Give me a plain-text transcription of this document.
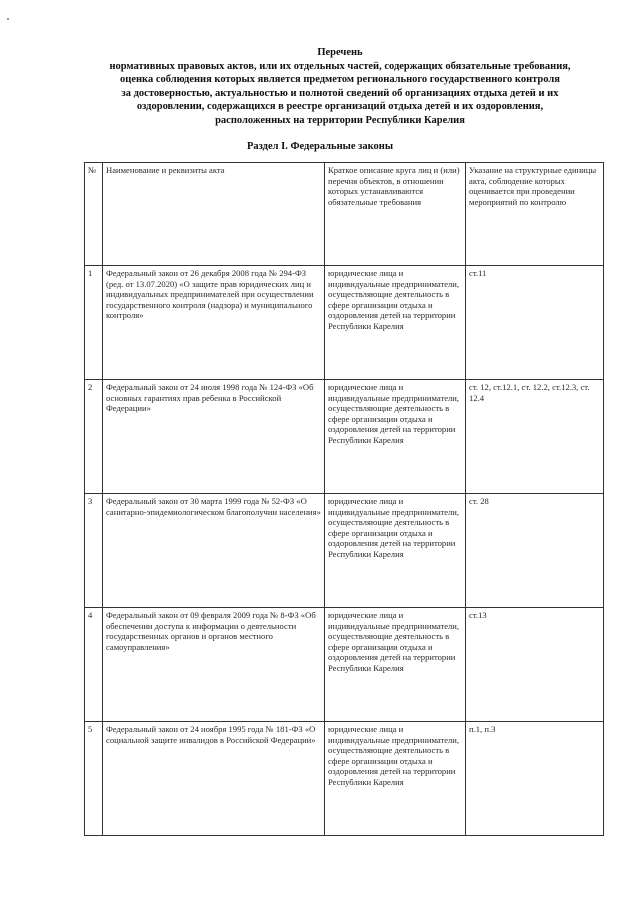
Перечень
нормативных правовых актов, или их отдельных частей, содержащих обязательные требования,
оценка соблюдения которых является предметом регионального государственного контроля
за достоверностью, актуальностью и полнотой сведений об организациях отдыха детей и их
оздоровлении, содержащихся в реестре организаций отдыха детей и их оздоровления,
расположенных на территории Республики Карелия
Раздел I. Федеральные законы
№	Наименование и реквизиты акта	Краткое описание круга лиц и (или) перечня объектов, в отношении которых устанавливаются обязательные требования	Указание на структурные единицы акта, соблюдение которых оценивается при проведении мероприятий по контролю
1	Федеральный закон от 26 декабря 2008 года № 294-ФЗ (ред. от 13.07.2020) «О защите прав юридических лиц и индивидуальных предпринимателей при осуществлении государственного контроля (надзора) и муниципального контроля»	юридические лица и индивидуальные предприниматели, осуществляющие деятельность в сфере организации отдыха и оздоровления детей на территории Республики Карелия	ст.11
2	Федеральный закон от 24 июля 1998 года № 124-ФЗ «Об основных гарантиях прав ребенка в Российской Федерации»	юридические лица и индивидуальные предприниматели, осуществляющие деятельность в сфере организации отдыха и оздоровления детей на территории Республики Карелия	ст. 12, ст.12.1, ст. 12.2, ст.12.3, ст. 12.4
3	Федеральный закон от 30 марта 1999 года № 52-ФЗ «О санитарно-эпидемиологическом благополучии населения»	юридические лица и индивидуальные предприниматели, осуществляющие деятельность в сфере организации отдыха и оздоровления детей на территории Республики Карелия	ст. 28
4	Федеральный закон от 09 февраля 2009 года № 8-ФЗ «Об обеспечении доступа к информации о деятельности государственных органов и органов местного самоуправления»	юридические лица и индивидуальные предприниматели, осуществляющие деятельность в сфере организации отдыха и оздоровления детей на территории Республики Карелия	ст.13
5	Федеральный закон от 24 ноября 1995 года № 181-ФЗ «О социальной защите инвалидов в Российской Федерации»	юридические лица и индивидуальные предприниматели, осуществляющие деятельность в сфере организации отдыха и оздоровления детей на территории Республики Карелия	п.1, п.3
